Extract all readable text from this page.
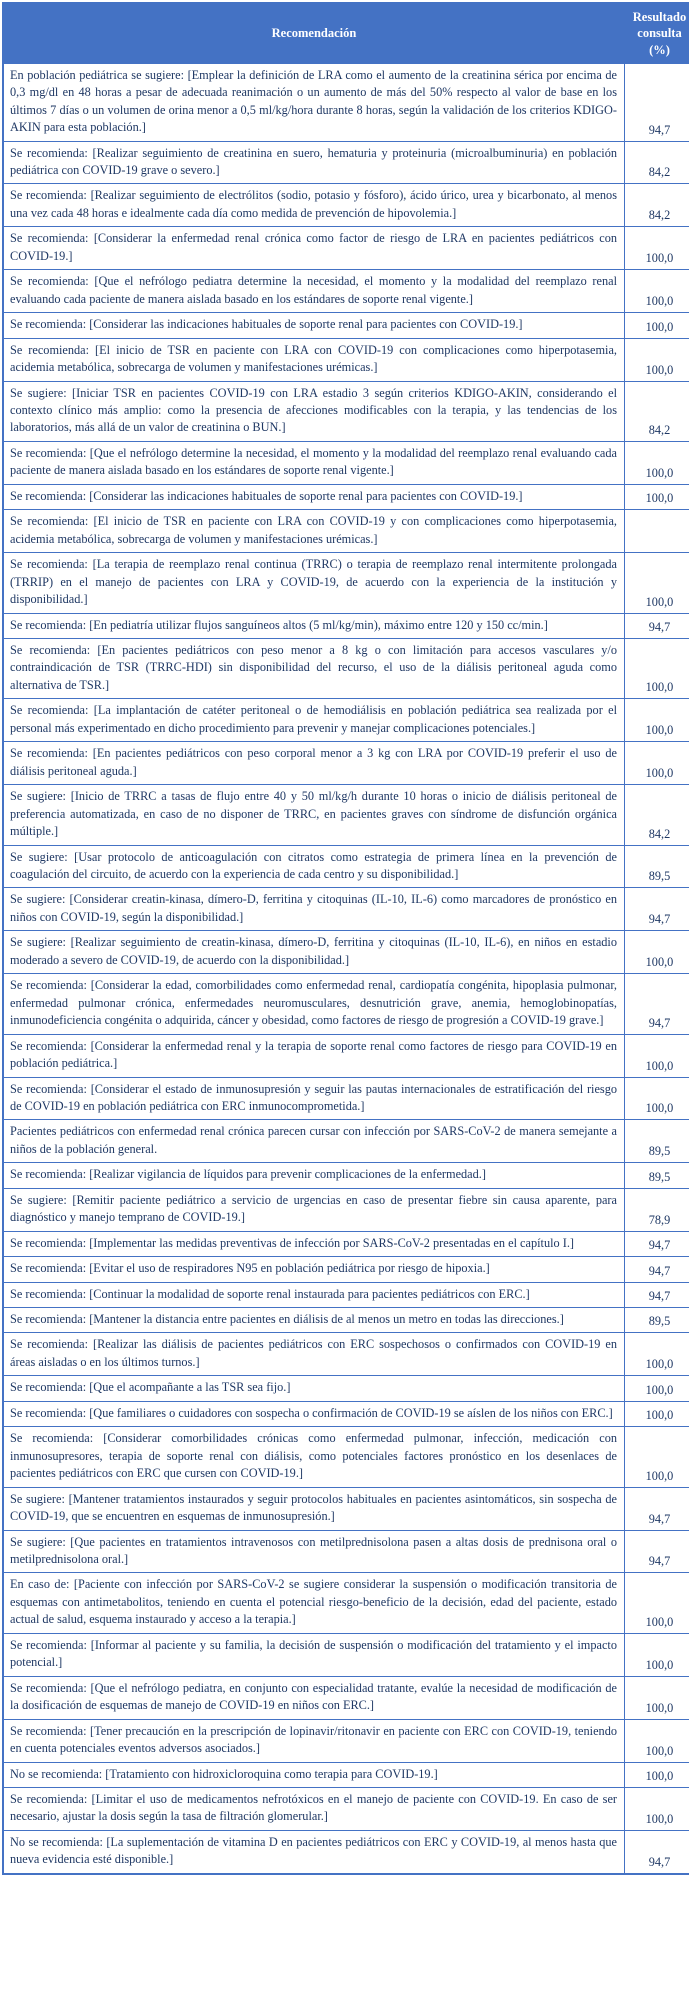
Recomendación	Resultado consulta (%)
En población pediátrica se sugiere: [Emplear la definición de LRA como el aumento de la creatinina sérica por encima de 0,3 mg/dl en 48 horas a pesar de adecuada reanimación o un aumento de más del 50% respecto al valor de base en los últimos 7 días o un volumen de orina menor a 0,5 ml/kg/hora durante 8 horas, según la validación de los criterios KDIGO-AKIN para esta población.]	94,7
Se recomienda: [Realizar seguimiento de creatinina en suero, hematuria y proteinuria (microalbuminuria) en población pediátrica con COVID-19 grave o severo.]	84,2
Se recomienda: [Realizar seguimiento de electrólitos (sodio, potasio y fósforo), ácido úrico, urea y bicarbonato, al menos una vez cada 48 horas e idealmente cada día como medida de prevención de hipovolemia.]	84,2
Se recomienda: [Considerar la enfermedad renal crónica como factor de riesgo de LRA en pacientes pediátricos con COVID-19.]	100,0
Se recomienda: [Que el nefrólogo pediatra determine la necesidad, el momento y la modalidad del reemplazo renal evaluando cada paciente de manera aislada basado en los estándares de soporte renal vigente.]	100,0
Se recomienda: [Considerar las indicaciones habituales de soporte renal para pacientes con COVID-19.]	100,0
Se recomienda: [El inicio de TSR en paciente con LRA con COVID-19 con complicaciones como hiperpotasemia, acidemia metabólica, sobrecarga de volumen y manifestaciones urémicas.]	100,0
Se sugiere: [Iniciar TSR en pacientes COVID-19 con LRA estadio 3 según criterios KDIGO-AKIN, considerando el contexto clínico más amplio: como la presencia de afecciones modificables con la terapia, y las tendencias de los laboratorios, más allá de un valor de creatinina o BUN.]	84,2
Se recomienda: [Que el nefrólogo determine la necesidad, el momento y la modalidad del reemplazo renal evaluando cada paciente de manera aislada basado en los estándares de soporte renal vigente.]	100,0
Se recomienda: [Considerar las indicaciones habituales de soporte renal para pacientes con COVID-19.]	100,0
Se recomienda: [El inicio de TSR en paciente con LRA con COVID-19 y con complicaciones como hiperpotasemia, acidemia metabólica, sobrecarga de volumen y manifestaciones urémicas.]	
Se recomienda: [La terapia de reemplazo renal continua (TRRC) o terapia de reemplazo renal intermitente prolongada (TRRIP) en el manejo de pacientes con LRA y COVID-19, de acuerdo con la experiencia de la institución y disponibilidad.]	100,0
Se recomienda: [En pediatría utilizar flujos sanguíneos altos (5 ml/kg/min), máximo entre 120 y 150 cc/min.]	94,7
Se recomienda: [En pacientes pediátricos con peso menor a 8 kg o con limitación para accesos vasculares y/o contraindicación de TSR (TRRC-HDI) sin disponibilidad del recurso, el uso de la diálisis peritoneal aguda como alternativa de TSR.]	100,0
Se recomienda: [La implantación de catéter peritoneal o de hemodiálisis en población pediátrica sea realizada por el personal más experimentado en dicho procedimiento para prevenir y manejar complicaciones potenciales.]	100,0
Se recomienda: [En pacientes pediátricos con peso corporal menor a 3 kg con LRA por COVID-19 preferir el uso de diálisis peritoneal aguda.]	100,0
Se sugiere: [Inicio de TRRC a tasas de flujo entre 40 y 50 ml/kg/h durante 10 horas o inicio de diálisis peritoneal de preferencia automatizada, en caso de no disponer de TRRC, en pacientes graves con síndrome de disfunción orgánica múltiple.]	84,2
Se sugiere: [Usar protocolo de anticoagulación con citratos como estrategia de primera línea en la prevención de coagulación del circuito, de acuerdo con la experiencia de cada centro y su disponibilidad.]	89,5
Se sugiere: [Considerar creatin-kinasa, dímero-D, ferritina y citoquinas (IL-10, IL-6) como marcadores de pronóstico en niños con COVID-19, según la disponibilidad.]	94,7
Se sugiere: [Realizar seguimiento de creatin-kinasa, dímero-D, ferritina y citoquinas (IL-10, IL-6), en niños en estadio moderado a severo de COVID-19, de acuerdo con la disponibilidad.]	100,0
Se recomienda: [Considerar la edad, comorbilidades como enfermedad renal, cardiopatía congénita, hipoplasia pulmonar, enfermedad pulmonar crónica, enfermedades neuromusculares, desnutrición grave, anemia, hemoglobinopatías, inmunodeficiencia congénita o adquirida, cáncer y obesidad, como factores de riesgo de progresión a COVID-19 grave.]	94,7
Se recomienda: [Considerar la enfermedad renal y la terapia de soporte renal como factores de riesgo para COVID-19 en población pediátrica.]	100,0
Se recomienda: [Considerar el estado de inmunosupresión y seguir las pautas internacionales de estratificación del riesgo de COVID-19 en población pediátrica con ERC inmunocomprometida.]	100,0
Pacientes pediátricos con enfermedad renal crónica parecen cursar con infección por SARS-CoV-2 de manera semejante a niños de la población general.	89,5
Se recomienda: [Realizar vigilancia de líquidos para prevenir complicaciones de la enfermedad.]	89,5
Se sugiere: [Remitir paciente pediátrico a servicio de urgencias en caso de presentar fiebre sin causa aparente, para diagnóstico y manejo temprano de COVID-19.]	78,9
Se recomienda: [Implementar las medidas preventivas de infección por SARS-CoV-2 presentadas en el capítulo I.]	94,7
Se recomienda: [Evitar el uso de respiradores N95 en población pediátrica por riesgo de hipoxia.]	94,7
Se recomienda: [Continuar la modalidad de soporte renal instaurada para pacientes pediátricos con ERC.]	94,7
Se recomienda: [Mantener la distancia entre pacientes en diálisis de al menos un metro en todas las direcciones.]	89,5
Se recomienda: [Realizar las diálisis de pacientes pediátricos con ERC sospechosos o confirmados con COVID-19 en áreas aisladas o en los últimos turnos.]	100,0
Se recomienda: [Que el acompañante a las TSR sea fijo.]	100,0
Se recomienda: [Que familiares o cuidadores con sospecha o confirmación de COVID-19 se aíslen de los niños con ERC.]	100,0
Se recomienda: [Considerar comorbilidades crónicas como enfermedad pulmonar, infección, medicación con inmunosupresores, terapia de soporte renal con diálisis, como potenciales factores pronóstico en los desenlaces de pacientes pediátricos con ERC que cursen con COVID-19.]	100,0
Se sugiere: [Mantener tratamientos instaurados y seguir protocolos habituales en pacientes asintomáticos, sin sospecha de COVID-19, que se encuentren en esquemas de inmunosupresión.]	94,7
Se sugiere: [Que pacientes en tratamientos intravenosos con metilprednisolona pasen a altas dosis de prednisona oral o metilprednisolona oral.]	94,7
En caso de: [Paciente con infección por SARS-CoV-2 se sugiere considerar la suspensión o modificación transitoria de esquemas con antimetabolitos, teniendo en cuenta el potencial riesgo-beneficio de la decisión, edad del paciente, estado actual de salud, esquema instaurado y acceso a la terapia.]	100,0
Se recomienda: [Informar al paciente y su familia, la decisión de suspensión o modificación del tratamiento y el impacto potencial.]	100,0
Se recomienda: [Que el nefrólogo pediatra, en conjunto con especialidad tratante, evalúe la necesidad de modificación de la dosificación de esquemas de manejo de COVID-19 en niños con ERC.]	100,0
Se recomienda: [Tener precaución en la prescripción de lopinavir/ritonavir en paciente con ERC con COVID-19, teniendo en cuenta potenciales eventos adversos asociados.]	100,0
No se recomienda: [Tratamiento con hidroxicloroquina como terapia para COVID-19.]	100,0
Se recomienda: [Limitar el uso de medicamentos nefrotóxicos en el manejo de paciente con COVID-19. En caso de ser necesario, ajustar la dosis según la tasa de filtración glomerular.]	100,0
No se recomienda: [La suplementación de vitamina D en pacientes pediátricos con ERC y COVID-19, al menos hasta que nueva evidencia esté disponible.]	94,7
